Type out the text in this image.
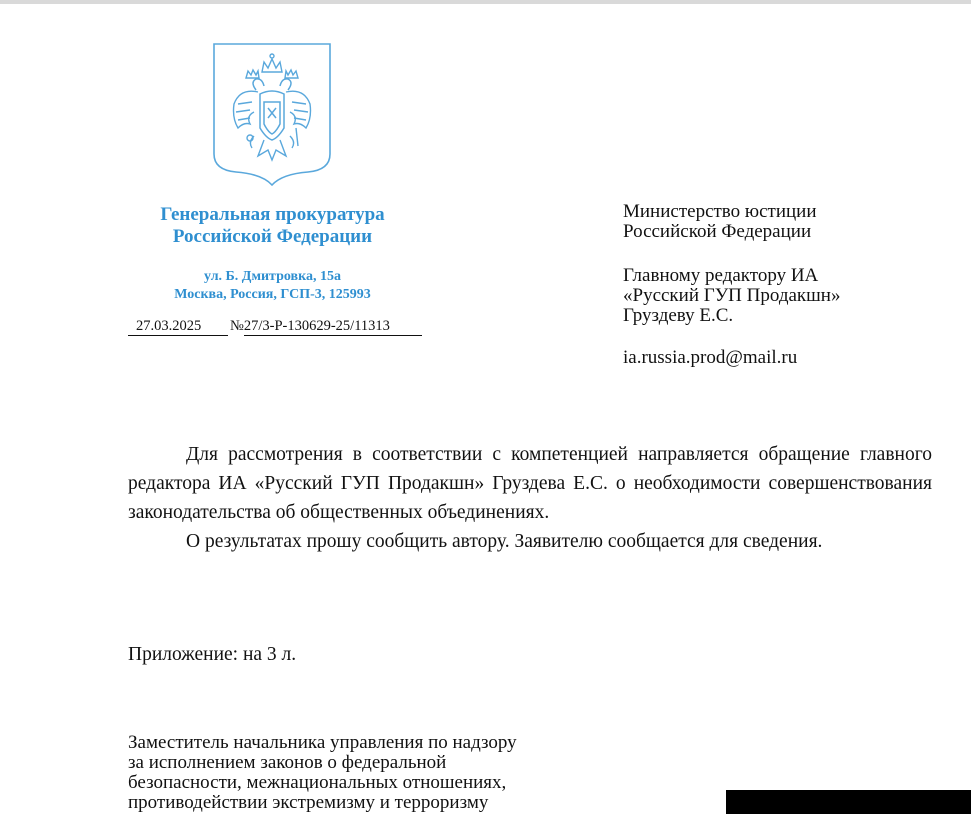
Генеральная прокуратура
Российской Федерации
ул. Б. Дмитровка, 15а
Москва, Россия, ГСП-3, 125993
27.03.2025 №27/3-Р-130629-25/11313
Министерство юстиции
Российской Федерации
Главному редактору ИА
«Русский ГУП Продакшн»
Груздеву Е.С.
ia.russia.prod@mail.ru

Для рассмотрения в соответствии с компетенцией направляется обращение главного редактора ИА «Русский ГУП Продакшн» Груздева Е.С. о необходимости совершенствования законодательства об общественных объединениях.

О результатах прошу сообщить автору. Заявителю сообщается для сведения.

Приложение: на 3 л.
Заместитель начальника управления по надзору
за исполнением законов о федеральной
безопасности, межнациональных отношениях,
противодействии экстремизму и терроризму
